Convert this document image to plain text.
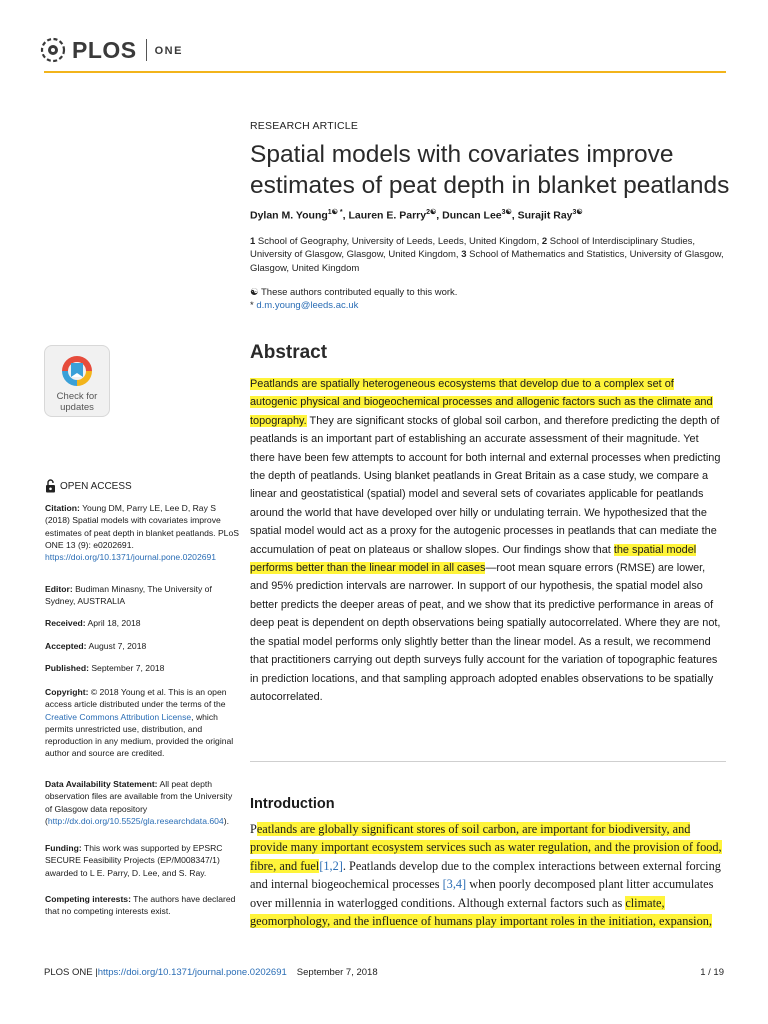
PLOS ONE
RESEARCH ARTICLE
Spatial models with covariates improve estimates of peat depth in blanket peatlands
Dylan M. Young$^{1☯ *}$, Lauren E. Parry$^{2☯}$, Duncan Lee$^{3☯}$, Surajit Ray$^{3☯}$
1 School of Geography, University of Leeds, Leeds, United Kingdom, 2 School of Interdisciplinary Studies, University of Glasgow, Glasgow, United Kingdom, 3 School of Mathematics and Statistics, University of Glasgow, Glasgow, United Kingdom
☯ These authors contributed equally to this work.
* d.m.young@leeds.ac.uk
Check for
updates
OPEN ACCESS
Citation: Young DM, Parry LE, Lee D, Ray S (2018) Spatial models with covariates improve estimates of peat depth in blanket peatlands. PLoS ONE 13 (9): e0202691. https://doi.org/10.1371/journal.pone.0202691
Editor: Budiman Minasny, The University of Sydney, AUSTRALIA
Received: April 18, 2018
Accepted: August 7, 2018
Published: September 7, 2018
Copyright: © 2018 Young et al. This is an open access article distributed under the terms of the Creative Commons Attribution License, which permits unrestricted use, distribution, and reproduction in any medium, provided the original author and source are credited.
Data Availability Statement: All peat depth observation files are available from the University of Glasgow data repository (http://dx.doi.org/10.5525/gla.researchdata.604).
Funding: This work was supported by EPSRC SECURE Feasibility Projects (EP/M008347/1) awarded to L E. Parry, D. Lee, and S. Ray.
Competing interests: The authors have declared that no competing interests exist.
Abstract

Peatlands are spatially heterogeneous ecosystems that develop due to a complex set of autogenic physical and biogeochemical processes and allogenic factors such as the climate and topography. They are significant stocks of global soil carbon, and therefore predicting the depth of peatlands is an important part of establishing an accurate assessment of their magnitude. Yet there have been few attempts to account for both internal and external processes when predicting the depth of peatlands. Using blanket peatlands in Great Britain as a case study, we compare a linear and geostatistical (spatial) model and several sets of covariates applicable for peatlands around the world that have developed over hilly or undulating terrain. We hypothesized that the spatial model would act as a proxy for the autogenic processes in peatlands that can mediate the accumulation of peat on plateaus or shallow slopes. Our findings show that the spatial model performs better than the linear model in all cases—root mean square errors (RMSE) are lower, and 95% prediction intervals are narrower. In support of our hypothesis, the spatial model also better predicts the deeper areas of peat, and we show that its predictive performance in areas of deep peat is dependent on depth observations being spatially autocorrelated. Where they are not, the spatial model performs only slightly better than the linear model. As a result, we recommend that practitioners carrying out depth surveys fully account for the variation of topographic features in prediction locations, and that sampling approach adopted enables observations to be spatially autocorrelated.

Introduction

Peatlands are globally significant stores of soil carbon, are important for biodiversity, and provide many important ecosystem services such as water regulation, and the provision of food, fibre, and fuel[1,2]. Peatlands develop due to the complex interactions between external forcing and internal biogeochemical processes [3,4] when poorly decomposed plant litter accumulates over millennia in waterlogged conditions. Although external factors such as climate, geomorphology, and the influence of humans play important roles in the initiation, expansion,

PLOS ONE | https://doi.org/10.1371/journal.pone.0202691 September 7, 2018	1 / 19
